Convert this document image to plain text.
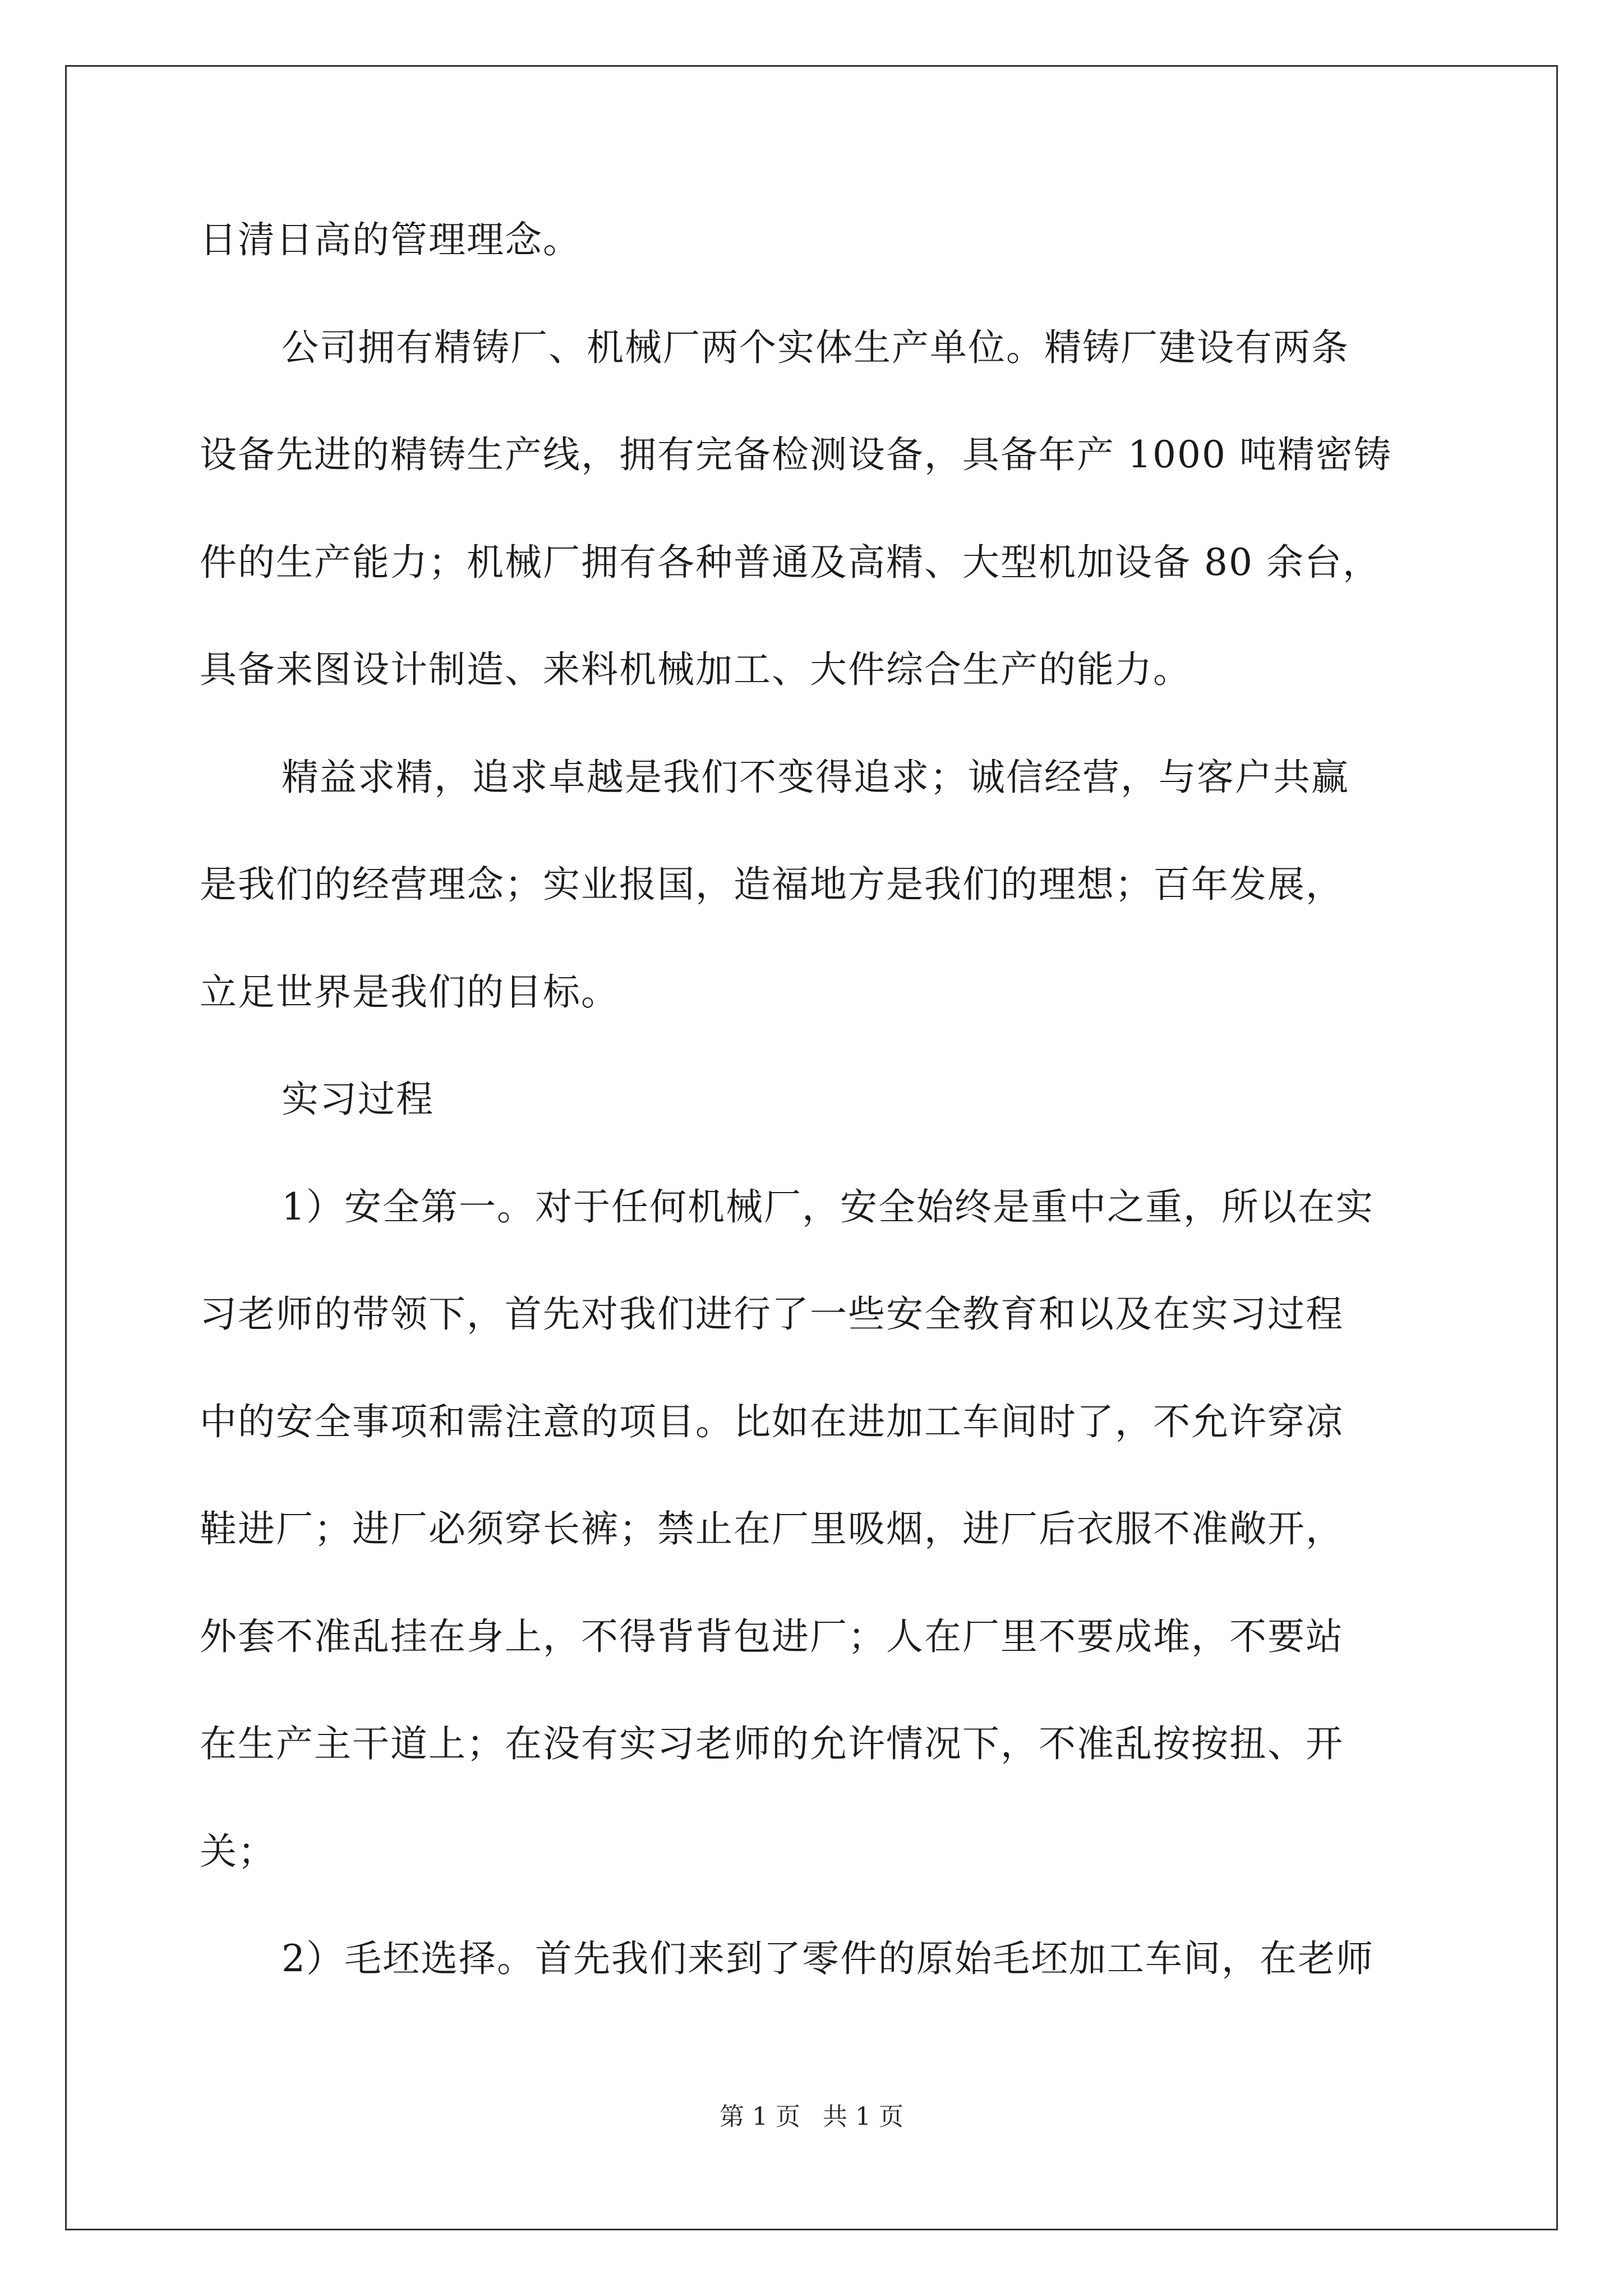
日清日高的管理理念。
公司拥有精铸厂、机械厂两个实体生产单位。精铸厂建设有两条
设备先进的精铸生产线，拥有完备检测设备，具备年产 1000 吨精密铸
件的生产能力；机械厂拥有各种普通及高精、大型机加设备 80 余台，
具备来图设计制造、来料机械加工、大件综合生产的能力。
精益求精，追求卓越是我们不变得追求；诚信经营，与客户共赢
是我们的经营理念；实业报国，造福地方是我们的理想；百年发展，
立足世界是我们的目标。
实习过程
1）安全第一。对于任何机械厂，安全始终是重中之重，所以在实
习老师的带领下，首先对我们进行了一些安全教育和以及在实习过程
中的安全事项和需注意的项目。比如在进加工车间时了，不允许穿凉
鞋进厂；进厂必须穿长裤；禁止在厂里吸烟，进厂后衣服不准敞开，
外套不准乱挂在身上，不得背背包进厂；人在厂里不要成堆，不要站
在生产主干道上；在没有实习老师的允许情况下，不准乱按按扭、开
关；
2）毛坯选择。首先我们来到了零件的原始毛坯加工车间，在老师
第 1 页 共 1 页
